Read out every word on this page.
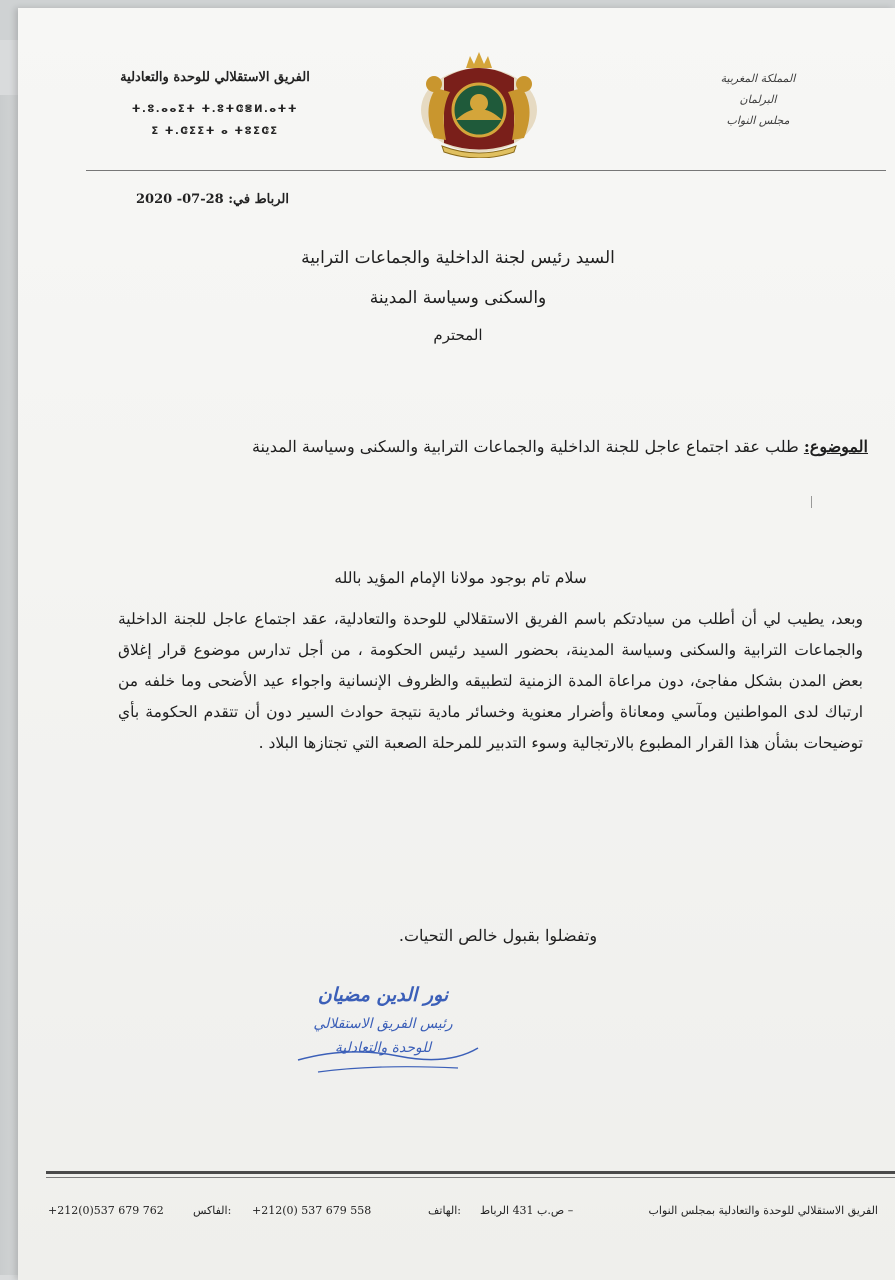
المملكة المغربية
البرلمان
مجلس النواب
الفريق الاستقلالي للوحدة والتعادلية
ⵜ.ⵓ.ⴰⴰⵉⵜ ⵜ.ⵓⵜⵛⴻⵍ.ⴰⵜⵜ
ⵉ ⵜ.ⵛⵉⵉⵜ ⴰ ⵜⵓⵉⵛⵉ
الرباط في: 28-07- 2020
السيد رئيس لجنة الداخلية والجماعات الترابية
والسكنى وسياسة المدينة
المحترم
الموضوع: طلب عقد اجتماع عاجل للجنة الداخلية والجماعات الترابية والسكنى وسياسة المدينة

سلام تام بوجود مولانا الإمام المؤيد بالله

وبعد، يطيب لي أن أطلب من سيادتكم باسم الفريق الاستقلالي للوحدة والتعادلية، عقد اجتماع عاجل للجنة الداخلية والجماعات الترابية والسكنى وسياسة المدينة، بحضور السيد رئيس الحكومة ، من أجل تدارس موضوع قرار إغلاق بعض المدن بشكل مفاجئ، دون مراعاة المدة الزمنية لتطبيقه والظروف الإنسانية واجواء عيد الأضحى وما خلفه من ارتباك لدى المواطنين ومآسي ومعاناة وأضرار معنوية وخسائر مادية نتيجة حوادث السير دون أن تتقدم الحكومة بأي توضيحات بشأن هذا القرار المطبوع بالارتجالية وسوء التدبير للمرحلة الصعبة التي تجتازها البلاد .

وتفضلوا بقبول خالص التحيات.
نور الدين مضيان
رئيس الفريق الاستقلالي
للوحدة والتعادلية
الفريق الاستقلالي للوحدة والتعادلية بمجلس النواب
ص.ب 431 الرباط –
الهاتف:
+212(0) 537 679 558
الفاكس:
+212(0)537 679 762
